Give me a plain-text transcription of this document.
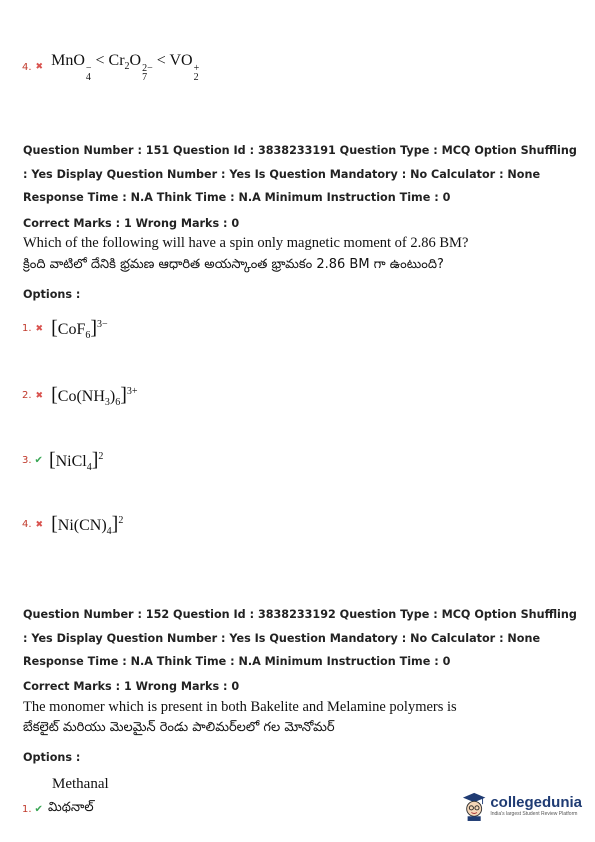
4. ✖ MnO −
4
< $Cr_2O$ 2−
7
< VO +
2
Question Number : 151 Question Id : 3838233191 Question Type : MCQ Option Shuffling : Yes Display Question Number : Yes Is Question Mandatory : No Calculator : None Response Time : N.A Think Time : N.A Minimum Instruction Time : 0
Correct Marks : 1 Wrong Marks : 0
Which of the following will have a spin only magnetic moment of 2.86 BM?
క్రింది వాటిలో దేనికి భ్రమణ ఆధారిత అయస్కాంత భ్రామకం 2.86 BM గా ఉంటుంది?
Options :
1. ✖ $[CoF_6]^{3-}$
2. ✖ $[Co(NH_3)_6]^{3+}$
3. ✔ [NiCl$_4$]$^2$
4. ✖ $[Ni(CN)_4]^2$
Question Number : 152 Question Id : 3838233192 Question Type : MCQ Option Shuffling : Yes Display Question Number : Yes Is Question Mandatory : No Calculator : None Response Time : N.A Think Time : N.A Minimum Instruction Time : 0
Correct Marks : 1 Wrong Marks : 0
The monomer which is present in both Bakelite and Melamine polymers is
బేకలైట్ మరియు మెలమైన్ రెండు పాలిమర్‌లలో గల మోనోమర్
Options :
Methanal
1. ✔ మిథనాల్	collegedunia
India's largest Student Review Platform
